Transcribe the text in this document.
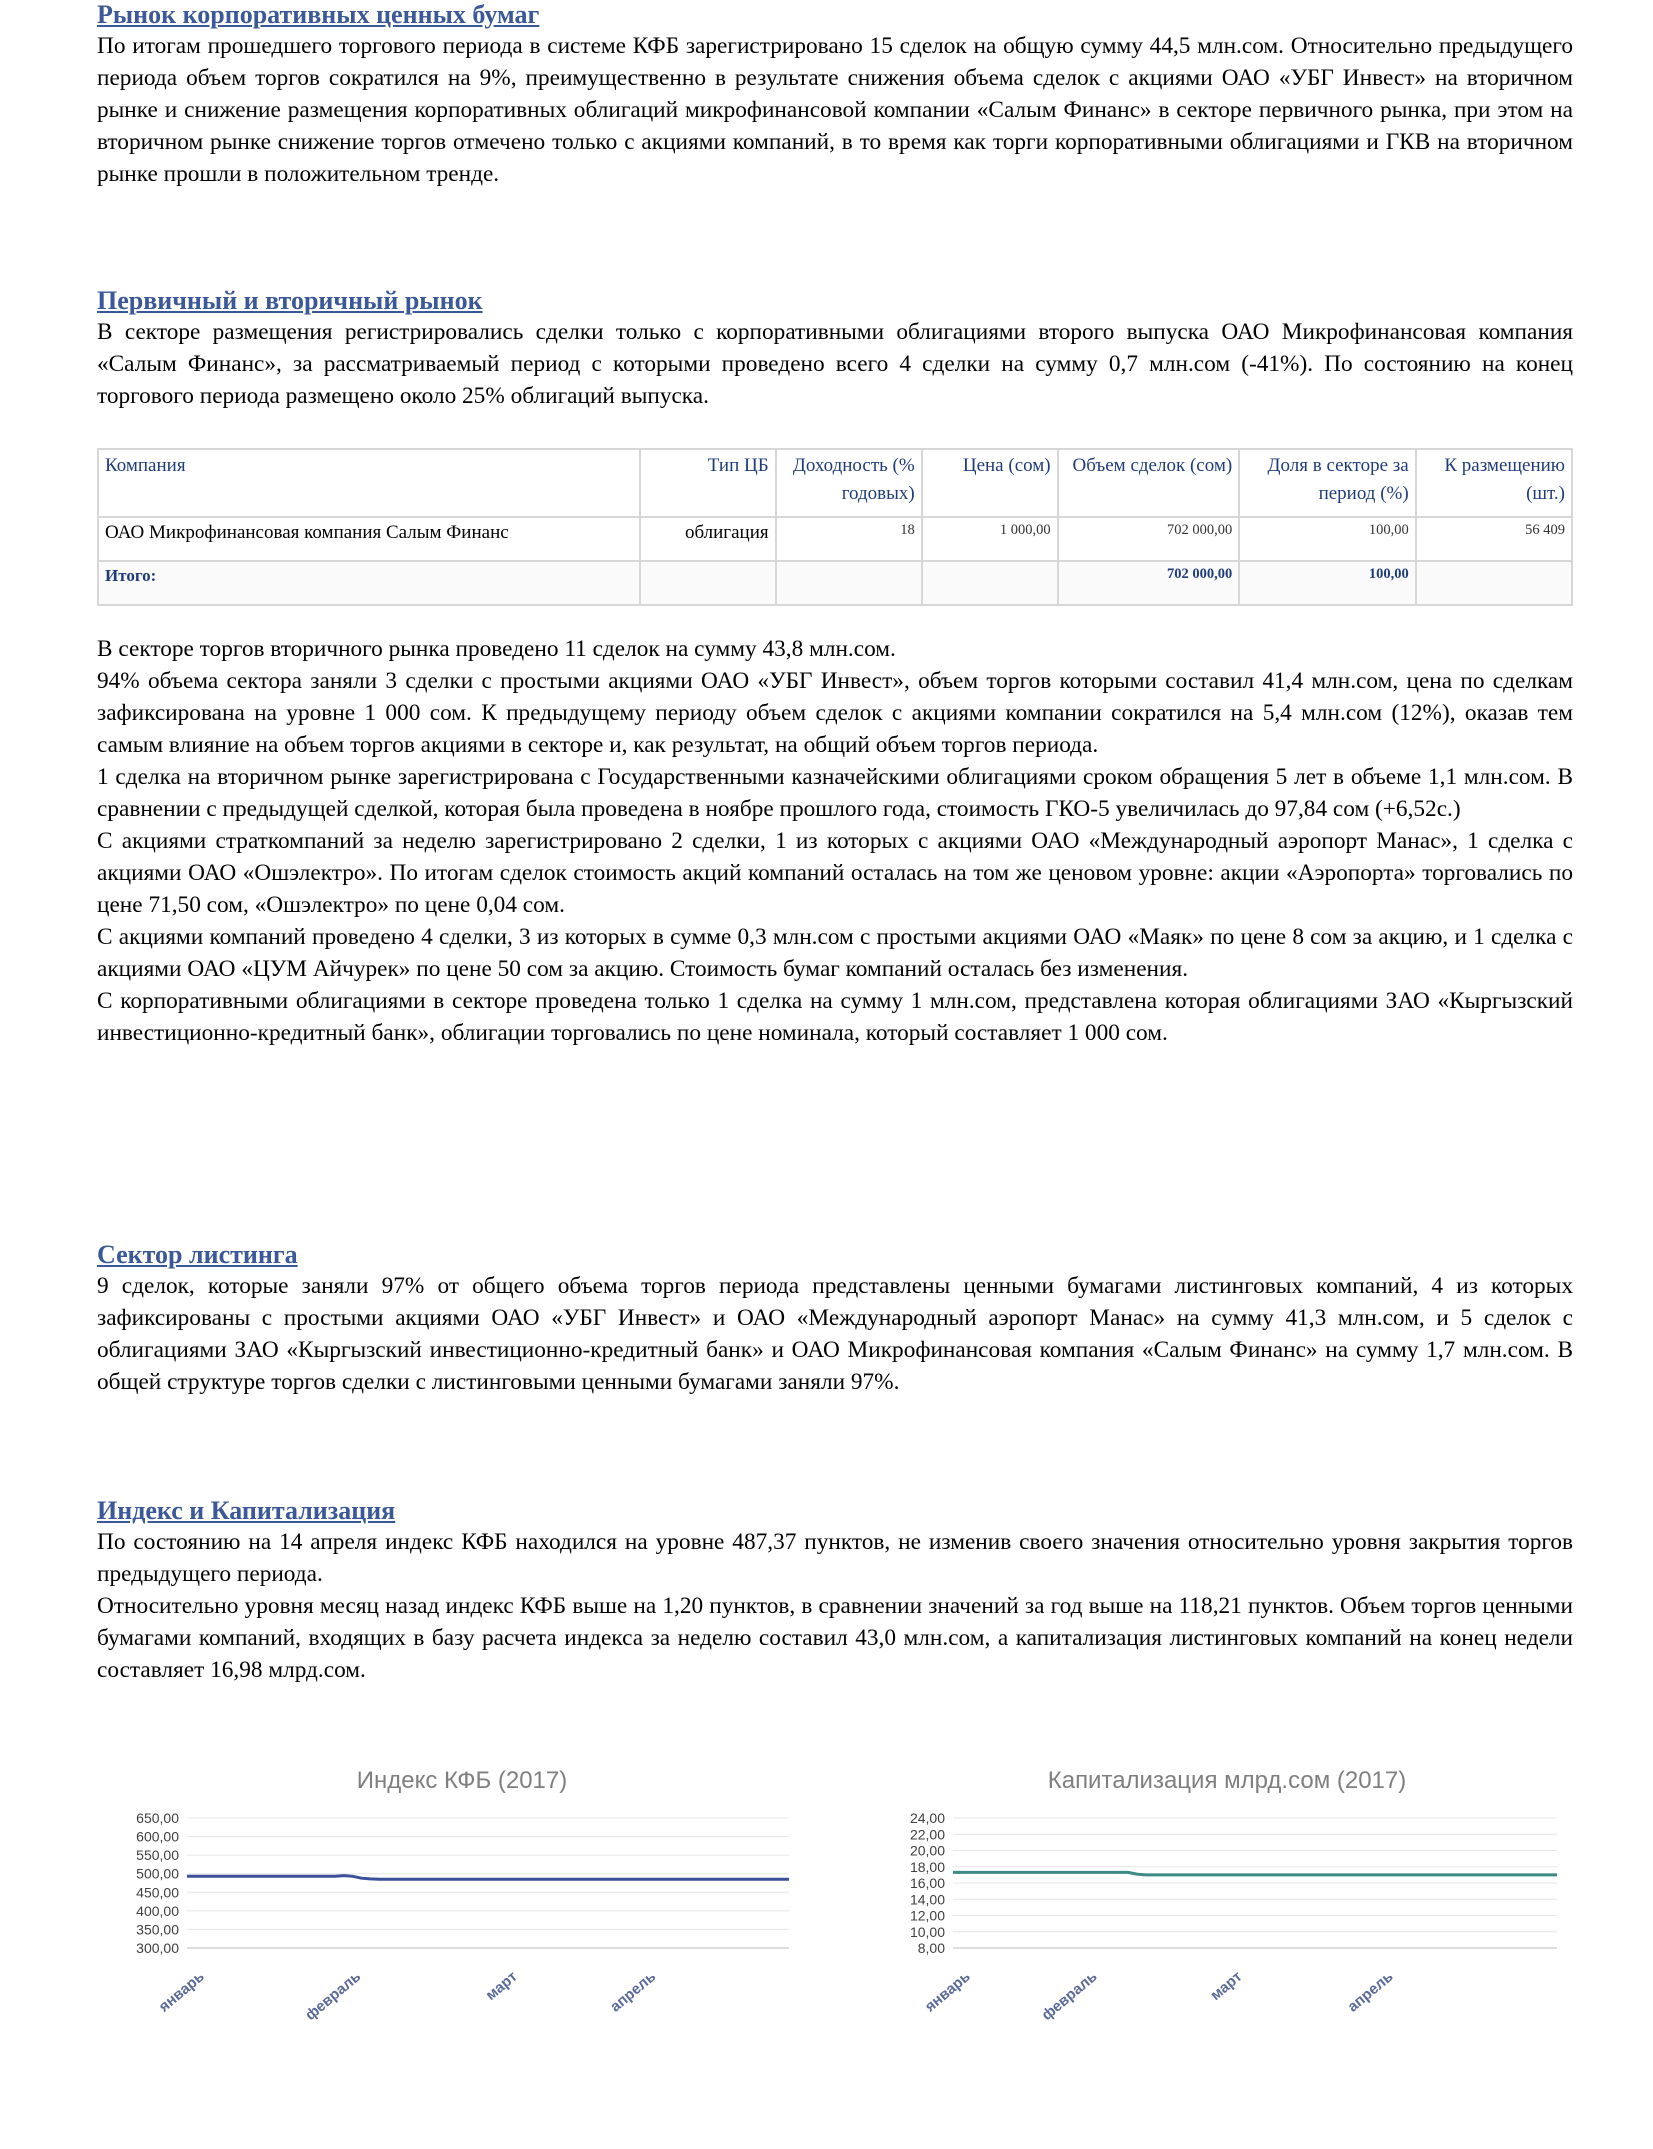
Рынок корпоративных ценных бумаг

По итогам прошедшего торгового периода в системе КФБ зарегистрировано 15 сделок на общую сумму 44,5 млн.сом. Относительно предыдущего периода объем торгов сократился на 9%, преимущественно в результате снижения объема сделок с акциями ОАО «УБГ Инвест» на вторичном рынке и снижение размещения корпоративных облигаций микрофинансовой компании «Салым Финанс» в секторе первичного рынка, при этом на вторичном рынке снижение торгов отмечено только с акциями компаний, в то время как торги корпоративными облигациями и ГКВ на вторичном рынке прошли в положительном тренде.

Первичный и вторичный рынок

В секторе размещения регистрировались сделки только с корпоративными облигациями второго выпуска ОАО Микрофинансовая компания «Салым Финанс», за рассматриваемый период с которыми проведено всего 4 сделки на сумму 0,7 млн.сом (-41%). По состоянию на конец торгового периода размещено около 25% облигаций выпуска.

Компания	Тип ЦБ	Доходность (% годовых)	Цена (сом)	Объем сделок (сом)	Доля в секторе за период (%)	К размещению (шт.)
ОАО Микрофинансовая компания Салым Финанс	облигация	18	1 000,00	702 000,00	100,00	56 409
Итого:				702 000,00	100,00	

В секторе торгов вторичного рынка проведено 11 сделок на сумму 43,8 млн.сом.

94% объема сектора заняли 3 сделки с простыми акциями ОАО «УБГ Инвест», объем торгов которыми составил 41,4 млн.сом, цена по сделкам зафиксирована на уровне 1 000 сом. К предыдущему периоду объем сделок с акциями компании сократился на 5,4 млн.сом (12%), оказав тем самым влияние на объем торгов акциями в секторе и, как результат, на общий объем торгов периода.

1 сделка на вторичном рынке зарегистрирована с Государственными казначейскими облигациями сроком обращения 5 лет в объеме 1,1 млн.сом. В сравнении с предыдущей сделкой, которая была проведена в ноябре прошлого года, стоимость ГКО-5 увеличилась до 97,84 сом (+6,52с.)

С акциями страткомпаний за неделю зарегистрировано 2 сделки, 1 из которых с акциями ОАО «Международный аэропорт Манас», 1 сделка с акциями ОАО «Ошэлектро». По итогам сделок стоимость акций компаний осталась на том же ценовом уровне: акции «Аэропорта» торговались по цене 71,50 сом, «Ошэлектро» по цене 0,04 сом.

С акциями компаний проведено 4 сделки, 3 из которых в сумме 0,3 млн.сом с простыми акциями ОАО «Маяк» по цене 8 сом за акцию, и 1 сделка с акциями ОАО «ЦУМ Айчурек» по цене 50 сом за акцию. Стоимость бумаг компаний осталась без изменения.

С корпоративными облигациями в секторе проведена только 1 сделка на сумму 1 млн.сом, представлена которая облигациями ЗАО «Кыргызский инвестиционно-кредитный банк», облигации торговались по цене номинала, который составляет 1 000 сом.

Сектор листинга

9 сделок, которые заняли 97% от общего объема торгов периода представлены ценными бумагами листинговых компаний, 4 из которых зафиксированы с простыми акциями ОАО «УБГ Инвест» и ОАО «Международный аэропорт Манас» на сумму 41,3 млн.сом, и 5 сделок с облигациями ЗАО «Кыргызский инвестиционно-кредитный банк» и ОАО Микрофинансовая компания «Салым Финанс» на сумму 1,7 млн.сом. В общей структуре торгов сделки с листинговыми ценными бумагами заняли 97%.

Индекс и Капитализация

По состоянию на 14 апреля индекс КФБ находился на уровне 487,37 пунктов, не изменив своего значения относительно уровня закрытия торгов предыдущего периода.

Относительно уровня месяц назад индекс КФБ выше на 1,20 пунктов, в сравнении значений за год выше на 118,21 пунктов. Объем торгов ценными бумагами компаний, входящих в базу расчета индекса за неделю составил 43,0 млн.сом, а капитализация листинговых компаний на конец недели составляет 16,98 млрд.сом.

Индекс КФБ (2017)
650,00
600,00
550,00
500,00
450,00
400,00
350,00
300,00
январь	февраль	март	апрель
Капитализация млрд.сом (2017)
24,00
22,00
20,00
18,00
16,00
14,00
12,00
10,00
8,00
январь	февраль	март	апрель
